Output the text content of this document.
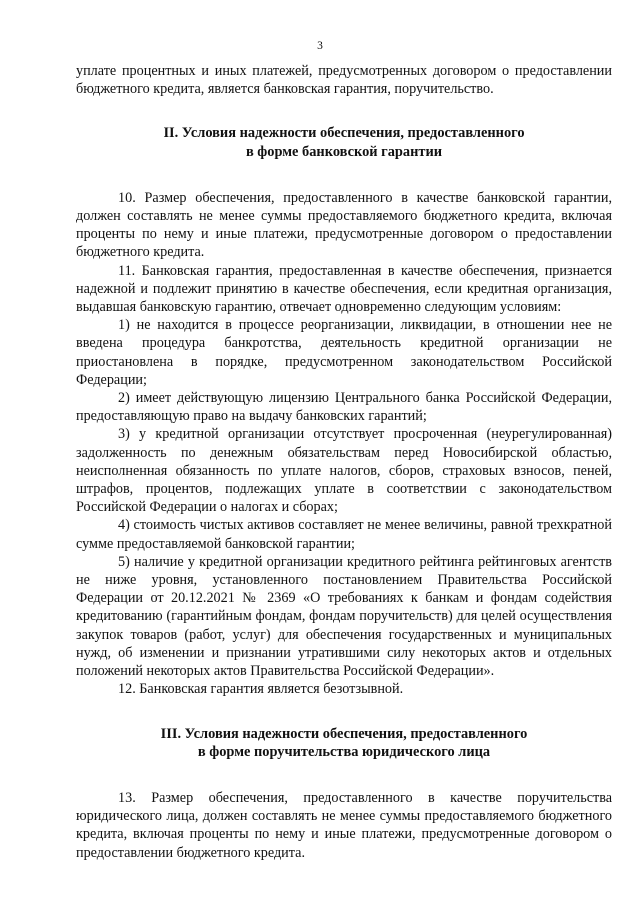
3

уплате процентных и иных платежей, предусмотренных договором о предоставлении бюджетного кредита, является банковская гарантия, поручительство.

II. Условия надежности обеспечения, предоставленного
в форме банковской гарантии

10. Размер обеспечения, предоставленного в качестве банковской гарантии, должен составлять не менее суммы предоставляемого бюджетного кредита, включая проценты по нему и иные платежи, предусмотренные договором о предоставлении бюджетного кредита.

11. Банковская гарантия, предоставленная в качестве обеспечения, признается надежной и подлежит принятию в качестве обеспечения, если кредитная организация, выдавшая банковскую гарантию, отвечает одновременно следующим условиям:

1) не находится в процессе реорганизации, ликвидации, в отношении нее не введена процедура банкротства, деятельность кредитной организации не приостановлена в порядке, предусмотренном законодательством Российской Федерации;

2) имеет действующую лицензию Центрального банка Российской Федерации, предоставляющую право на выдачу банковских гарантий;

3) у кредитной организации отсутствует просроченная (неурегулированная) задолженность по денежным обязательствам перед Новосибирской областью, неисполненная обязанность по уплате налогов, сборов, страховых взносов, пеней, штрафов, процентов, подлежащих уплате в соответствии с законодательством Российской Федерации о налогах и сборах;

4) стоимость чистых активов составляет не менее величины, равной трехкратной сумме предоставляемой банковской гарантии;

5) наличие у кредитной организации кредитного рейтинга рейтинговых агентств не ниже уровня, установленного постановлением Правительства Российской Федерации от 20.12.2021 № 2369 «О требованиях к банкам и фондам содействия кредитованию (гарантийным фондам, фондам поручительств) для целей осуществления закупок товаров (работ, услуг) для обеспечения государственных и муниципальных нужд, об изменении и признании утратившими силу некоторых актов и отдельных положений некоторых актов Правительства Российской Федерации».

12. Банковская гарантия является безотзывной.

III. Условия надежности обеспечения, предоставленного
в форме поручительства юридического лица

13. Размер обеспечения, предоставленного в качестве поручительства юридического лица, должен составлять не менее суммы предоставляемого бюджетного кредита, включая проценты по нему и иные платежи, предусмотренные договором о предоставлении бюджетного кредита.
